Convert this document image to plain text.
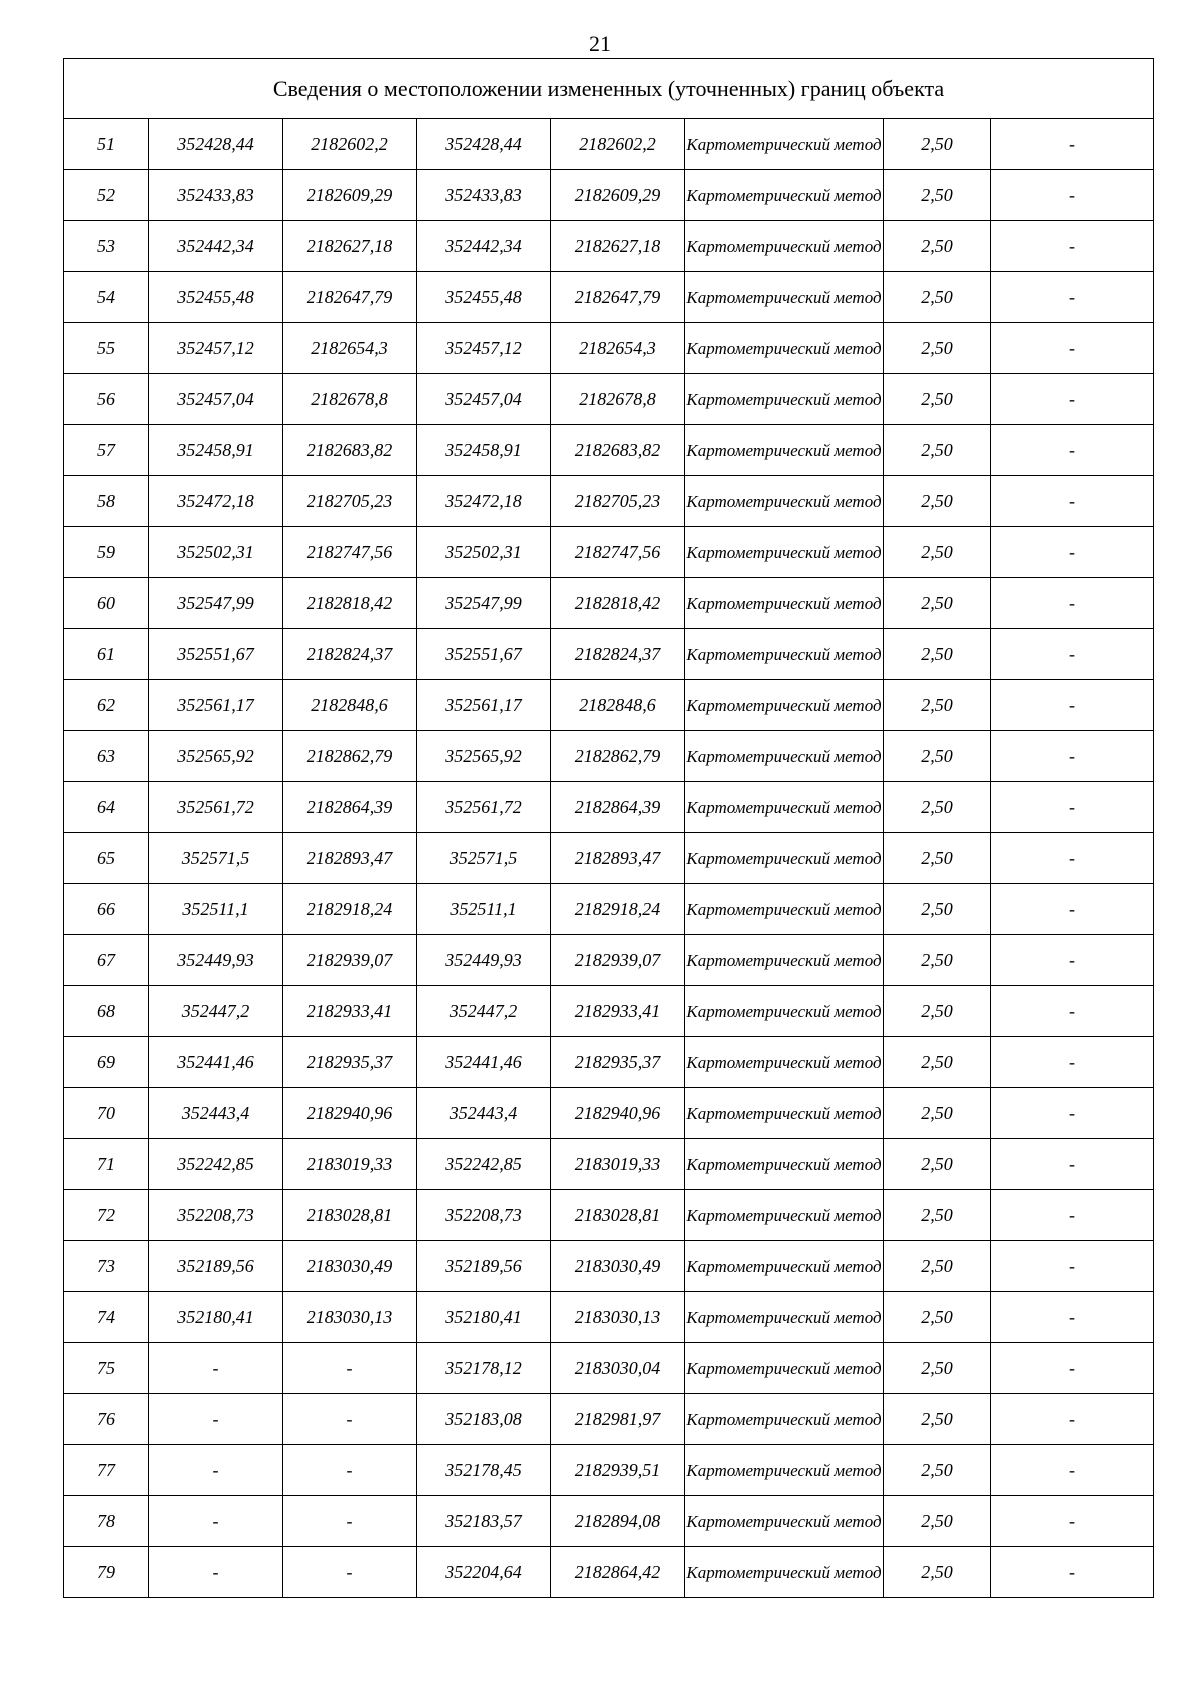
21
Сведения о местоположении измененных (уточненных) границ объекта							
51	352428,44	2182602,2	352428,44	2182602,2	Картометрический метод	2,50	-
52	352433,83	2182609,29	352433,83	2182609,29	Картометрический метод	2,50	-
53	352442,34	2182627,18	352442,34	2182627,18	Картометрический метод	2,50	-
54	352455,48	2182647,79	352455,48	2182647,79	Картометрический метод	2,50	-
55	352457,12	2182654,3	352457,12	2182654,3	Картометрический метод	2,50	-
56	352457,04	2182678,8	352457,04	2182678,8	Картометрический метод	2,50	-
57	352458,91	2182683,82	352458,91	2182683,82	Картометрический метод	2,50	-
58	352472,18	2182705,23	352472,18	2182705,23	Картометрический метод	2,50	-
59	352502,31	2182747,56	352502,31	2182747,56	Картометрический метод	2,50	-
60	352547,99	2182818,42	352547,99	2182818,42	Картометрический метод	2,50	-
61	352551,67	2182824,37	352551,67	2182824,37	Картометрический метод	2,50	-
62	352561,17	2182848,6	352561,17	2182848,6	Картометрический метод	2,50	-
63	352565,92	2182862,79	352565,92	2182862,79	Картометрический метод	2,50	-
64	352561,72	2182864,39	352561,72	2182864,39	Картометрический метод	2,50	-
65	352571,5	2182893,47	352571,5	2182893,47	Картометрический метод	2,50	-
66	352511,1	2182918,24	352511,1	2182918,24	Картометрический метод	2,50	-
67	352449,93	2182939,07	352449,93	2182939,07	Картометрический метод	2,50	-
68	352447,2	2182933,41	352447,2	2182933,41	Картометрический метод	2,50	-
69	352441,46	2182935,37	352441,46	2182935,37	Картометрический метод	2,50	-
70	352443,4	2182940,96	352443,4	2182940,96	Картометрический метод	2,50	-
71	352242,85	2183019,33	352242,85	2183019,33	Картометрический метод	2,50	-
72	352208,73	2183028,81	352208,73	2183028,81	Картометрический метод	2,50	-
73	352189,56	2183030,49	352189,56	2183030,49	Картометрический метод	2,50	-
74	352180,41	2183030,13	352180,41	2183030,13	Картометрический метод	2,50	-
75	-	-	352178,12	2183030,04	Картометрический метод	2,50	-
76	-	-	352183,08	2182981,97	Картометрический метод	2,50	-
77	-	-	352178,45	2182939,51	Картометрический метод	2,50	-
78	-	-	352183,57	2182894,08	Картометрический метод	2,50	-
79	-	-	352204,64	2182864,42	Картометрический метод	2,50	-
